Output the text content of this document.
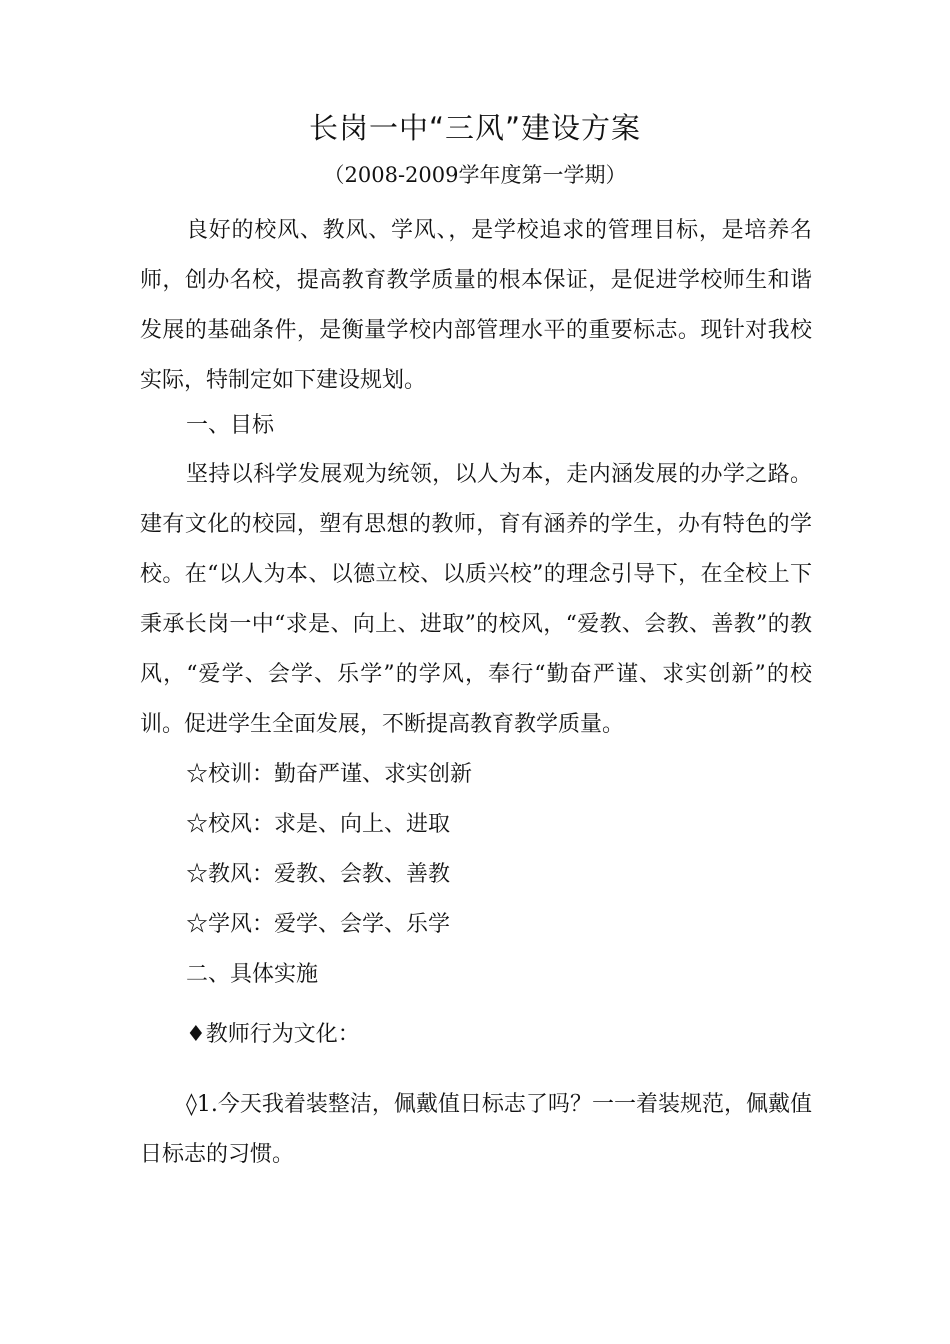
长岗一中“三风”建设方案
（2008-2009学年度第一学期）

良好的校风、教风、学风、，是学校追求的管理目标，是培养名师，创办名校，提高教育教学质量的根本保证，是促进学校师生和谐发展的基础条件，是衡量学校内部管理水平的重要标志。现针对我校实际，特制定如下建设规划。

一、目标

坚持以科学发展观为统领，以人为本，走内涵发展的办学之路。建有文化的校园，塑有思想的教师，育有涵养的学生，办有特色的学校。在“以人为本、以德立校、以质兴校”的理念引导下，在全校上下秉承长岗一中“求是、向上、进取”的校风，“爱教、会教、善教”的教风，“爱学、会学、乐学”的学风，奉行“勤奋严谨、求实创新”的校训。促进学生全面发展，不断提高教育教学质量。

☆校训：勤奋严谨、求实创新
☆校风：求是、向上、进取
☆教风：爱教、会教、善教
☆学风：爱学、会学、乐学
二、具体实施
♦教师行为文化：

◊1.今天我着装整洁，佩戴值日标志了吗？一一着装规范，佩戴值日标志的习惯。
